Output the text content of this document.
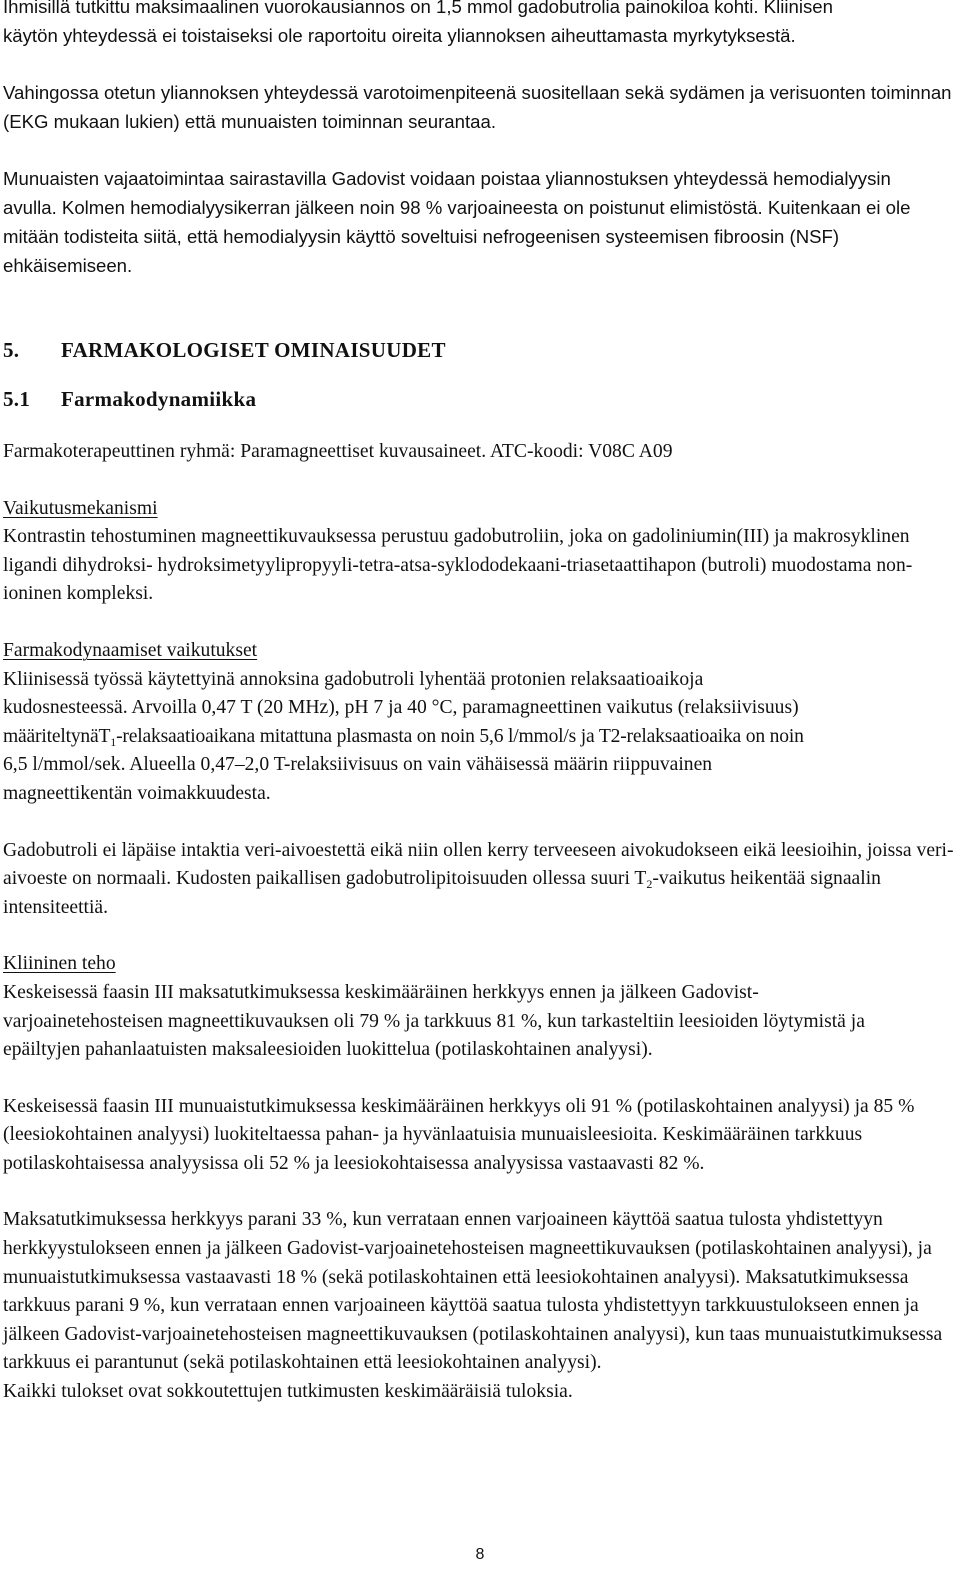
Ihmisillä tutkittu maksimaalinen vuorokausiannos on 1,5 mmol gadobutrolia painokiloa kohti. Kliinisen käytön yhteydessä ei toistaiseksi ole raportoitu oireita yliannoksen aiheuttamasta myrkytyksestä.

Vahingossa otetun yliannoksen yhteydessä varotoimenpiteenä suositellaan sekä sydämen ja verisuonten toiminnan (EKG mukaan lukien) että munuaisten toiminnan seurantaa.

Munuaisten vajaatoimintaa sairastavilla Gadovist voidaan poistaa yliannostuksen yhteydessä hemodialyysin avulla. Kolmen hemodialyysikerran jälkeen noin 98 % varjoaineesta on poistunut elimistöstä. Kuitenkaan ei ole mitään todisteita siitä, että hemodialyysin käyttö soveltuisi nefrogeenisen systeemisen fibroosin (NSF) ehkäisemiseen.

5. FARMAKOLOGISET OMINAISUUDET

5.1 Farmakodynamiikka

Farmakoterapeuttinen ryhmä: Paramagneettiset kuvausaineet. ATC-koodi: V08C A09

Vaikutusmekanismi

Kontrastin tehostuminen magneettikuvauksessa perustuu gadobutroliin, joka on gadoliniumin(III) ja makrosyklinen ligandi dihydroksi- hydroksimetyylipropyyli-tetra-atsa-syklododekaani-triasetaattihapon (butroli) muodostama non-ioninen kompleksi.

Farmakodynaamiset vaikutukset

Kliinisessä työssä käytettyinä annoksina gadobutroli lyhentää protonien relaksaatioaikoja

kudosnesteessä. Arvoilla 0,47 T (20 MHz), pH 7 ja 40 °C, paramagneettinen vaikutus (relaksiivisuus)

määriteltynäT$_1$-relaksaatioaikana mitattuna plasmasta on noin 5,6 l/mmol/s ja T2-relaksaatioaika on noin

6,5 l/mmol/sek. Alueella 0,47–2,0 T-relaksiivisuus on vain vähäisessä määrin riippuvainen

magneettikentän voimakkuudesta.

Gadobutroli ei läpäise intaktia veri-aivoestettä eikä niin ollen kerry terveeseen aivokudokseen eikä leesioihin, joissa veri-aivoeste on normaali. Kudosten paikallisen gadobutrolipitoisuuden ollessa suuri $T_2$-vaikutus heikentää signaalin intensiteettiä.

Kliininen teho

Keskeisessä faasin III maksatutkimuksessa keskimääräinen herkkyys ennen ja jälkeen Gadovist-varjoainetehosteisen magneettikuvauksen oli 79 % ja tarkkuus 81 %, kun tarkasteltiin leesioiden löytymistä ja epäiltyjen pahanlaatuisten maksaleesioiden luokittelua (potilaskohtainen analyysi).

Keskeisessä faasin III munuaistutkimuksessa keskimääräinen herkkyys oli 91 % (potilaskohtainen analyysi) ja 85 % (leesiokohtainen analyysi) luokiteltaessa pahan- ja hyvänlaatuisia munuaisleesioita. Keskimääräinen tarkkuus potilaskohtaisessa analyysissa oli 52 % ja leesiokohtaisessa analyysissa vastaavasti 82 %.

Maksatutkimuksessa herkkyys parani 33 %, kun verrataan ennen varjoaineen käyttöä saatua tulosta yhdistettyyn herkkyystulokseen ennen ja jälkeen Gadovist-varjoainetehosteisen magneettikuvauksen (potilaskohtainen analyysi), ja munuaistutkimuksessa vastaavasti 18 % (sekä potilaskohtainen että leesiokohtainen analyysi). Maksatutkimuksessa tarkkuus parani 9 %, kun verrataan ennen varjoaineen käyttöä saatua tulosta yhdistettyyn tarkkuustulokseen ennen ja jälkeen Gadovist-varjoainetehosteisen magneettikuvauksen (potilaskohtainen analyysi), kun taas munuaistutkimuksessa tarkkuus ei parantunut (sekä potilaskohtainen että leesiokohtainen analyysi).

Kaikki tulokset ovat sokkoutettujen tutkimusten keskimääräisiä tuloksia.

8
